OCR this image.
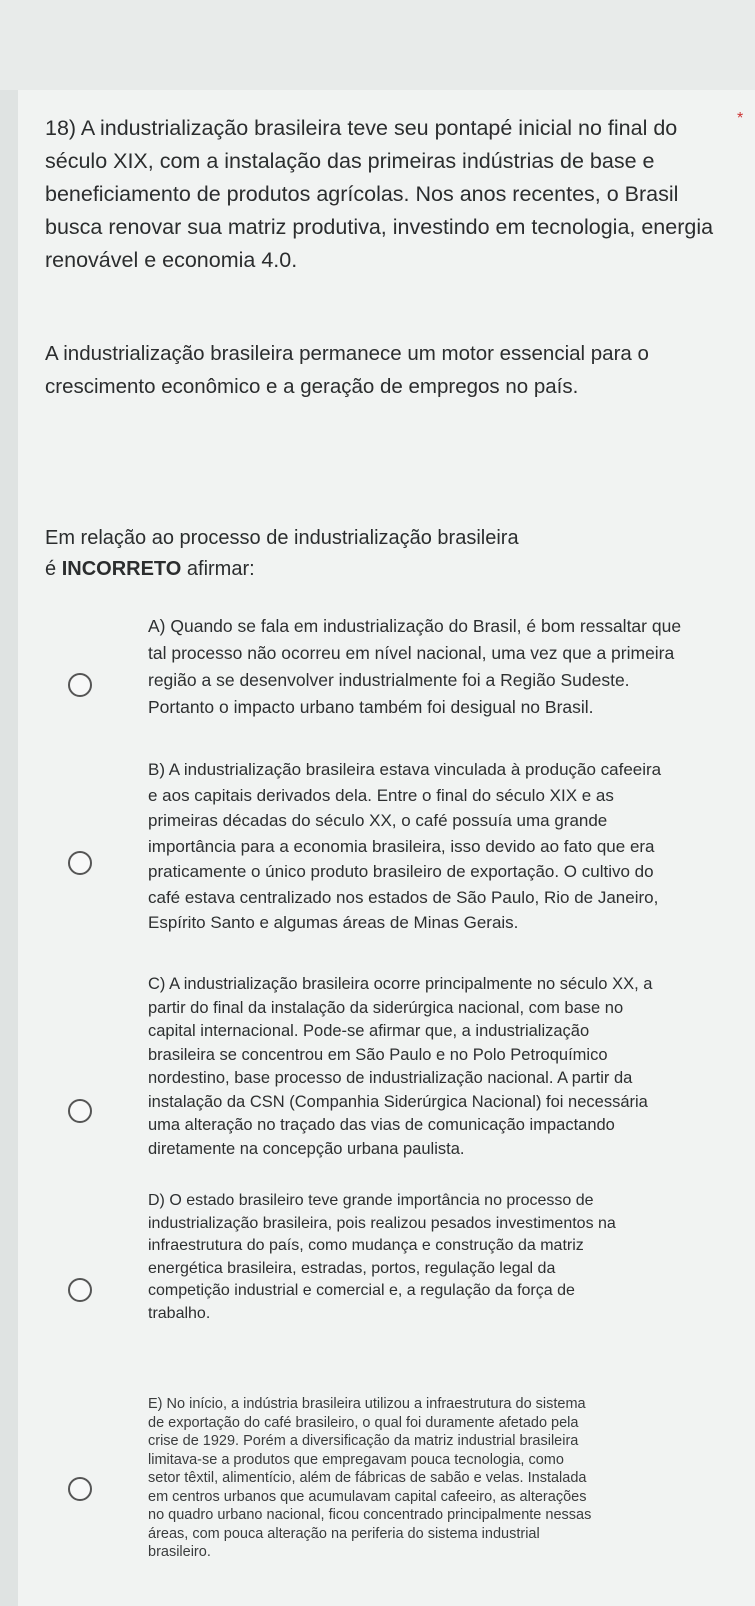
18) A industrialização brasileira teve seu pontapé inicial no final do século XIX, com a instalação das primeiras indústrias de base e beneficiamento de produtos agrícolas. Nos anos recentes, o Brasil busca renovar sua matriz produtiva, investindo em tecnologia, energia renovável e economia 4.0.
*
A industrialização brasileira permanece um motor essencial para o crescimento econômico e a geração de empregos no país.
Em relação ao processo de industrialização brasileira
é INCORRETO afirmar:
A) Quando se fala em industrialização do Brasil, é bom ressaltar que
tal processo não ocorreu em nível nacional, uma vez que a primeira
região a se desenvolver industrialmente foi a Região Sudeste.
Portanto o impacto urbano também foi desigual no Brasil.
B) A industrialização brasileira estava vinculada à produção cafeeira
e aos capitais derivados dela. Entre o final do século XIX e as
primeiras décadas do século XX, o café possuía uma grande
importância para a economia brasileira, isso devido ao fato que era
praticamente o único produto brasileiro de exportação. O cultivo do
café estava centralizado nos estados de São Paulo, Rio de Janeiro,
Espírito Santo e algumas áreas de Minas Gerais.
C) A industrialização brasileira ocorre principalmente no século XX, a
partir do final da instalação da siderúrgica nacional, com base no
capital internacional. Pode-se afirmar que, a industrialização
brasileira se concentrou em São Paulo e no Polo Petroquímico
nordestino, base processo de industrialização nacional. A partir da
instalação da CSN (Companhia Siderúrgica Nacional) foi necessária
uma alteração no traçado das vias de comunicação impactando
diretamente na concepção urbana paulista.
D) O estado brasileiro teve grande importância no processo de
industrialização brasileira, pois realizou pesados investimentos na
infraestrutura do país, como mudança e construção da matriz
energética brasileira, estradas, portos, regulação legal da
competição industrial e comercial e, a regulação da força de
trabalho.
E) No início, a indústria brasileira utilizou a infraestrutura do sistema
de exportação do café brasileiro, o qual foi duramente afetado pela
crise de 1929. Porém a diversificação da matriz industrial brasileira
limitava-se a produtos que empregavam pouca tecnologia, como
setor têxtil, alimentício, além de fábricas de sabão e velas. Instalada
em centros urbanos que acumulavam capital cafeeiro, as alterações
no quadro urbano nacional, ficou concentrado principalmente nessas
áreas, com pouca alteração na periferia do sistema industrial
brasileiro.
